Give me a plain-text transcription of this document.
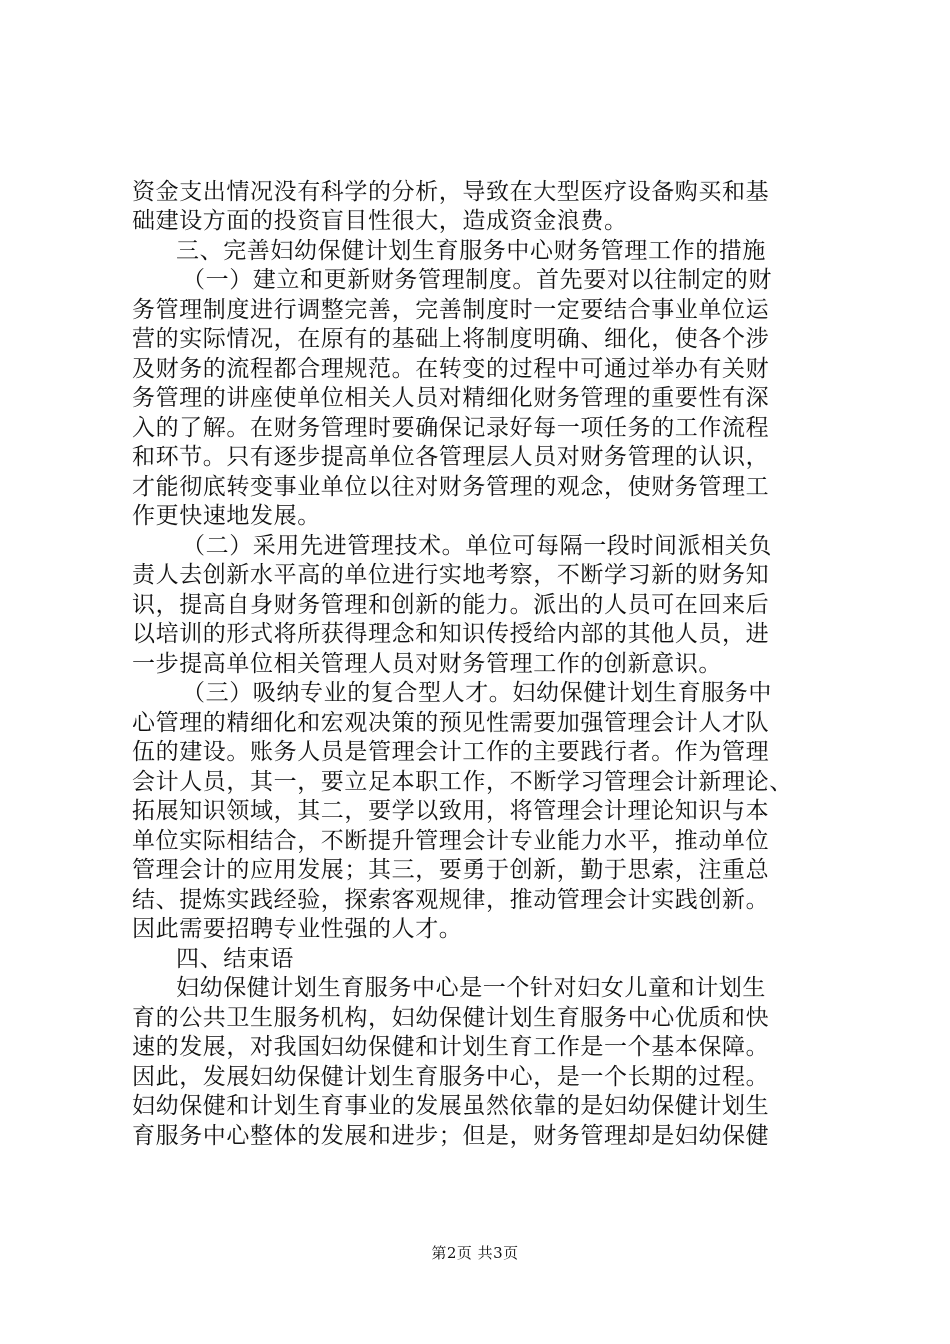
资金支出情况没有科学的分析，导致在大型医疗设备购买和基
础建设方面的投资盲目性很大，造成资金浪费。
三、完善妇幼保健计划生育服务中心财务管理工作的措施
（一）建立和更新财务管理制度。首先要对以往制定的财
务管理制度进行调整完善，完善制度时一定要结合事业单位运
营的实际情况，在原有的基础上将制度明确、细化，使各个涉
及财务的流程都合理规范。在转变的过程中可通过举办有关财
务管理的讲座使单位相关人员对精细化财务管理的重要性有深
入的了解。在财务管理时要确保记录好每一项任务的工作流程
和环节。只有逐步提高单位各管理层人员对财务管理的认识，
才能彻底转变事业单位以往对财务管理的观念，使财务管理工
作更快速地发展。
（二）采用先进管理技术。单位可每隔一段时间派相关负
责人去创新水平高的单位进行实地考察，不断学习新的财务知
识，提高自身财务管理和创新的能力。派出的人员可在回来后
以培训的形式将所获得理念和知识传授给内部的其他人员，进
一步提高单位相关管理人员对财务管理工作的创新意识。
（三）吸纳专业的复合型人才。妇幼保健计划生育服务中
心管理的精细化和宏观决策的预见性需要加强管理会计人才队
伍的建设。账务人员是管理会计工作的主要践行者。作为管理
会计人员，其一，要立足本职工作，不断学习管理会计新理论、
拓展知识领域，其二，要学以致用，将管理会计理论知识与本
单位实际相结合，不断提升管理会计专业能力水平，推动单位
管理会计的应用发展；其三，要勇于创新，勤于思索，注重总
结、提炼实践经验，探索客观规律，推动管理会计实践创新。
因此需要招聘专业性强的人才。
四、结束语
妇幼保健计划生育服务中心是一个针对妇女儿童和计划生
育的公共卫生服务机构，妇幼保健计划生育服务中心优质和快
速的发展，对我国妇幼保健和计划生育工作是一个基本保障。
因此，发展妇幼保健计划生育服务中心，是一个长期的过程。
妇幼保健和计划生育事业的发展虽然依靠的是妇幼保健计划生
育服务中心整体的发展和进步；但是，财务管理却是妇幼保健
第2页 共3页
